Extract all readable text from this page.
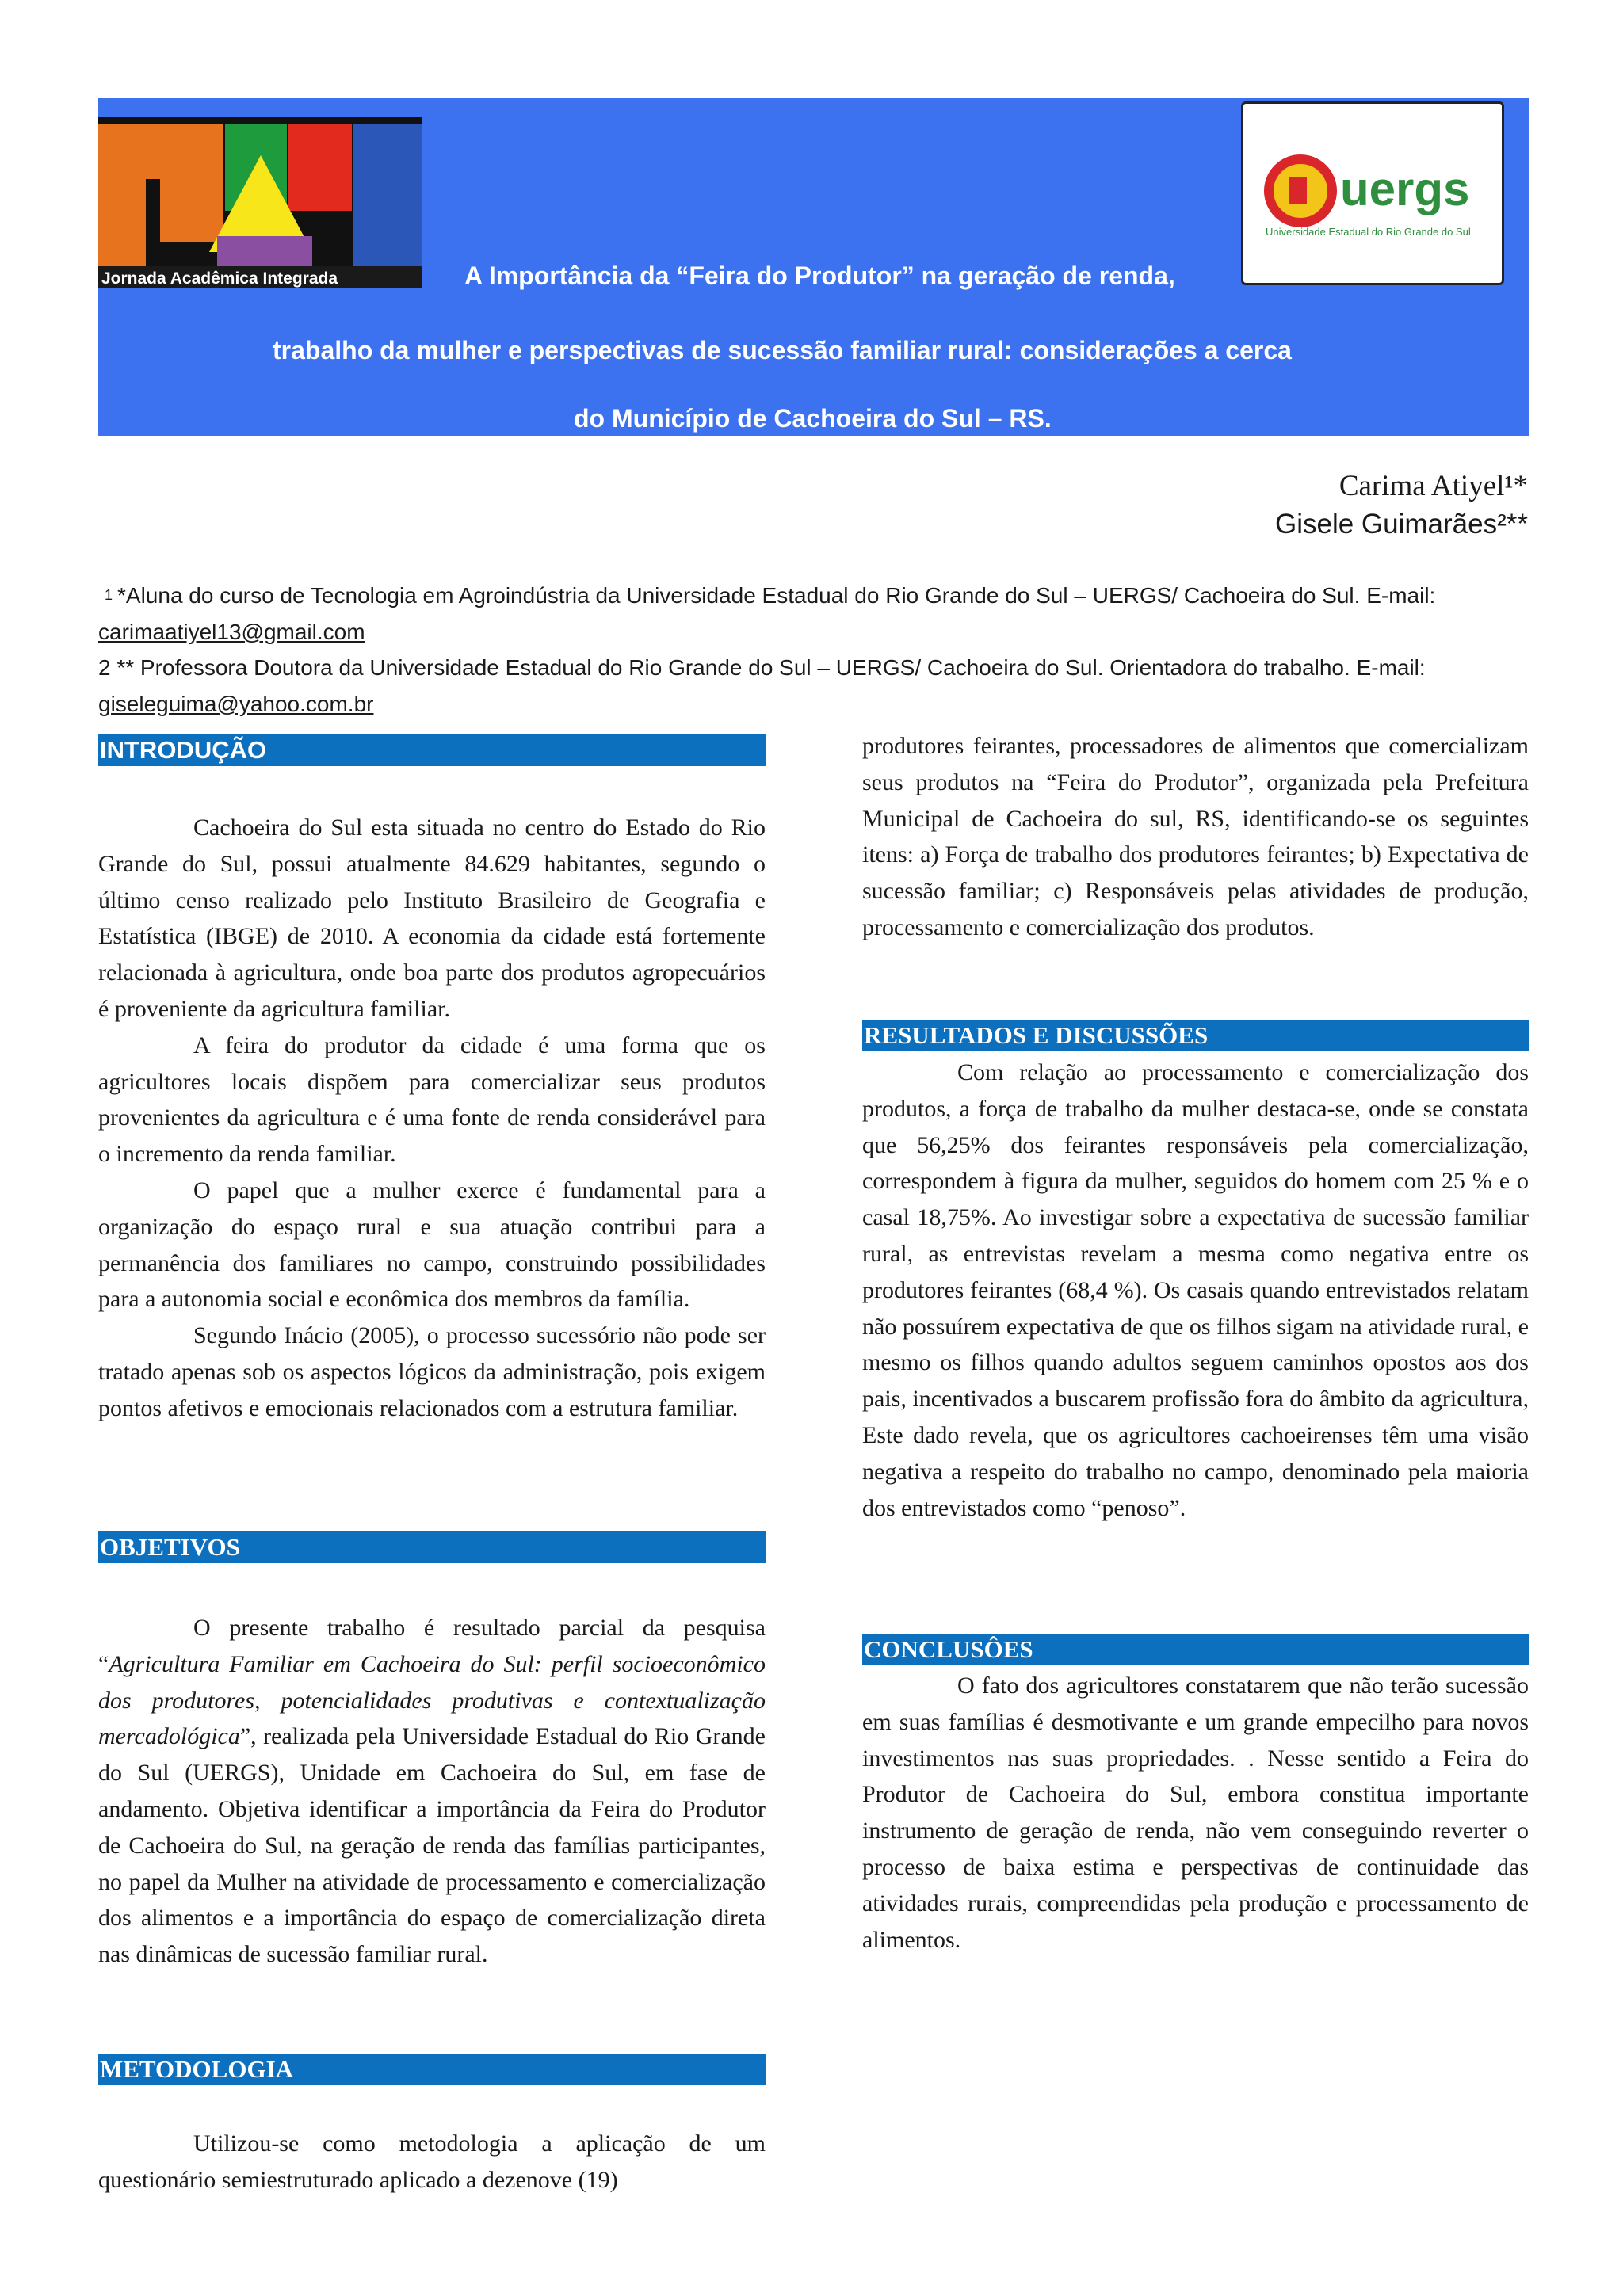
Jornada Acadêmica Integrada
uergs
Universidade Estadual do Rio Grande do Sul
A Importância da “Feira do Produtor” na geração de renda,
trabalho da mulher e perspectivas de sucessão familiar rural: considerações a cerca
do Município de Cachoeira do Sul – RS.
Carima Atiyel¹*
Gisele Guimarães²**
$^1$ *Aluna do curso de Tecnologia em Agroindústria da Universidade Estadual do Rio Grande do Sul – UERGS/ Cachoeira do Sul. E-mail: carimaatiyel13@gmail.com
2 ** Professora Doutora da Universidade Estadual do Rio Grande do Sul – UERGS/ Cachoeira do Sul. Orientadora do trabalho. E-mail: giseleguima@yahoo.com.br
INTRODUÇÃO

Cachoeira do Sul esta situada no centro do Estado do Rio Grande do Sul, possui atualmente 84.629 habitantes, segundo o último censo realizado pelo Instituto Brasileiro de Geografia e Estatística (IBGE) de 2010. A economia da cidade está fortemente relacionada à agricultura, onde boa parte dos produtos agropecuários é proveniente da agricultura familiar.

A feira do produtor da cidade é uma forma que os agricultores locais dispõem para comercializar seus produtos provenientes da agricultura e é uma fonte de renda considerável para o incremento da renda familiar.

O papel que a mulher exerce é fundamental para a organização do espaço rural e sua atuação contribui para a permanência dos familiares no campo, construindo possibilidades para a autonomia social e econômica dos membros da família.

Segundo Inácio (2005), o processo sucessório não pode ser tratado apenas sob os aspectos lógicos da administração, pois exigem pontos afetivos e emocionais relacionados com a estrutura familiar.

OBJETIVOS

O presente trabalho é resultado parcial da pesquisa “Agricultura Familiar em Cachoeira do Sul: perfil socioeconômico dos produtores, potencialidades produtivas e contextualização mercadológica”, realizada pela Universidade Estadual do Rio Grande do Sul (UERGS), Unidade em Cachoeira do Sul, em fase de andamento. Objetiva identificar a importância da Feira do Produtor de Cachoeira do Sul, na geração de renda das famílias participantes, no papel da Mulher na atividade de processamento e comercialização dos alimentos e a importância do espaço de comercialização direta nas dinâmicas de sucessão familiar rural.

METODOLOGIA

Utilizou-se como metodologia a aplicação de um questionário semiestruturado aplicado a dezenove (19)

produtores feirantes, processadores de alimentos que comercializam seus produtos na “Feira do Produtor”, organizada pela Prefeitura Municipal de Cachoeira do sul, RS, identificando-se os seguintes itens: a) Força de trabalho dos produtores feirantes; b) Expectativa de sucessão familiar; c) Responsáveis pelas atividades de produção, processamento e comercialização dos produtos.

RESULTADOS E DISCUSSÕES

Com relação ao processamento e comercialização dos produtos, a força de trabalho da mulher destaca-se, onde se constata que 56,25% dos feirantes responsáveis pela comercialização, correspondem à figura da mulher, seguidos do homem com 25 % e o casal 18,75%. Ao investigar sobre a expectativa de sucessão familiar rural, as entrevistas revelam a mesma como negativa entre os produtores feirantes (68,4 %). Os casais quando entrevistados relatam não possuírem expectativa de que os filhos sigam na atividade rural, e mesmo os filhos quando adultos seguem caminhos opostos aos dos pais, incentivados a buscarem profissão fora do âmbito da agricultura, Este dado revela, que os agricultores cachoeirenses têm uma visão negativa a respeito do trabalho no campo, denominado pela maioria dos entrevistados como “penoso”.

CONCLUSÔES

O fato dos agricultores constatarem que não terão sucessão em suas famílias é desmotivante e um grande empecilho para novos investimentos nas suas propriedades. . Nesse sentido a Feira do Produtor de Cachoeira do Sul, embora constitua importante instrumento de geração de renda, não vem conseguindo reverter o processo de baixa estima e perspectivas de continuidade das atividades rurais, compreendidas pela produção e processamento de alimentos.
